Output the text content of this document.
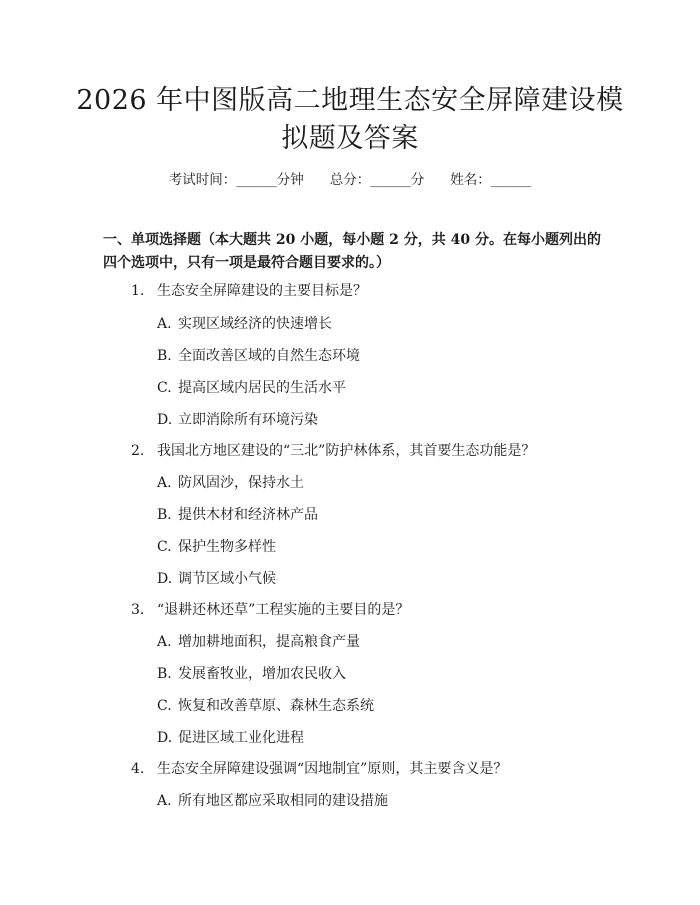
2026 年中图版高二地理生态安全屏障建设模
拟题及答案
考试时间：______分钟 总分：______分 姓名：______
一、单项选择题（本大题共 20 小题，每小题 2 分，共 40 分。在每小题列出的四个选项中，只有一项是最符合题目要求的。）
1. 生态安全屏障建设的主要目标是？
A. 实现区域经济的快速增长
B. 全面改善区域的自然生态环境
C. 提高区域内居民的生活水平
D. 立即消除所有环境污染
2. 我国北方地区建设的“三北”防护林体系，其首要生态功能是？
A. 防风固沙，保持水土
B. 提供木材和经济林产品
C. 保护生物多样性
D. 调节区域小气候
3. “退耕还林还草”工程实施的主要目的是？
A. 增加耕地面积，提高粮食产量
B. 发展畜牧业，增加农民收入
C. 恢复和改善草原、森林生态系统
D. 促进区域工业化进程
4. 生态安全屏障建设强调“因地制宜”原则，其主要含义是？
A. 所有地区都应采取相同的建设措施
